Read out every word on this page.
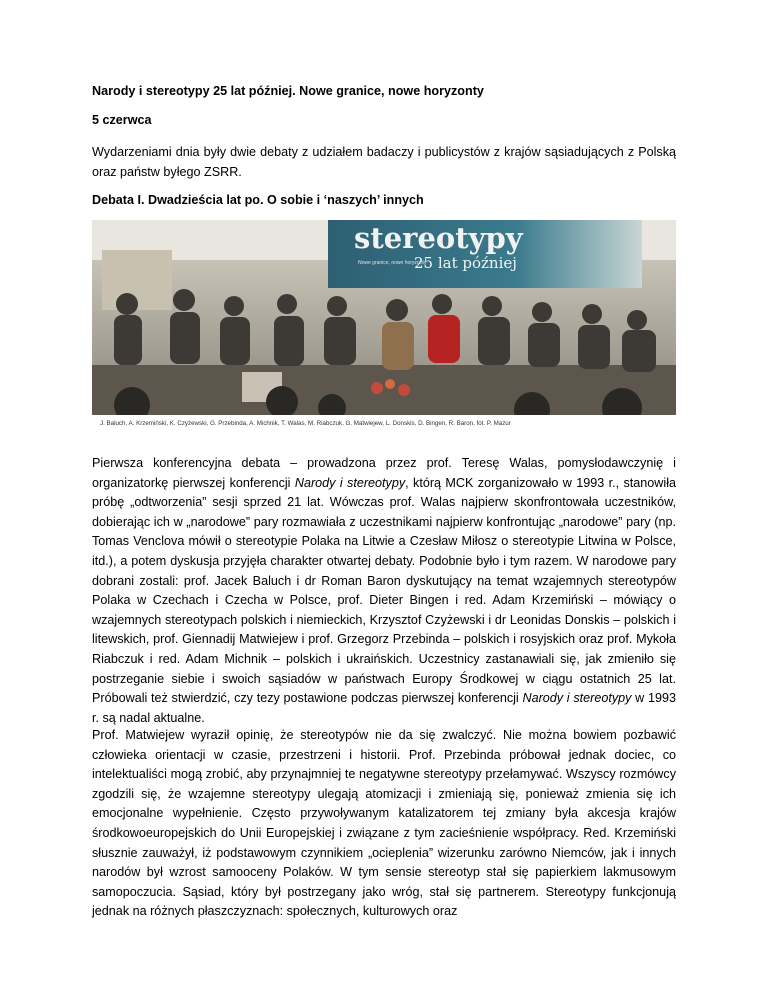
Narody i stereotypy 25 lat później. Nowe granice, nowe horyzonty
5 czerwca
Wydarzeniami dnia były dwie debaty z udziałem badaczy i publicystów z krajów sąsiadujących z Polską oraz państw byłego ZSRR.
Debata I. Dwadzieścia lat po. O sobie i ‘naszych’ innych
stereotypy
25 lat później
Nowe granice, nowe horyzonty
J. Baluch, A. Krzemiński, K. Czyżewski, G. Przebinda, A. Michnik, T. Walas, M. Riabczuk, G. Matwiejew, L. Donskis, D. Bingen, R. Baron, fot. P. Mazur

Pierwsza konferencyjna debata – prowadzona przez prof. Teresę Walas, pomysłodawczynię i organizatorkę pierwszej konferencji Narody i stereotypy, którą MCK zorganizowało w 1993 r., stanowiła próbę „odtworzenia” sesji sprzed 21 lat. Wówczas prof. Walas najpierw skonfrontowała uczestników, dobierając ich w „narodowe” pary rozmawiała z uczestnikami najpierw konfrontując „narodowe” pary (np. Tomas Venclova mówił o stereotypie Polaka na Litwie a Czesław Miłosz o stereotypie Litwina w Polsce, itd.), a potem dyskusja przyjęła charakter otwartej debaty. Podobnie było i tym razem. W narodowe pary dobrani zostali: prof. Jacek Baluch i dr Roman Baron dyskutujący na temat wzajemnych stereotypów Polaka w Czechach i Czecha w Polsce, prof. Dieter Bingen i red. Adam Krzemiński – mówiący o wzajemnych stereotypach polskich i niemieckich, Krzysztof Czyżewski i dr Leonidas Donskis – polskich i litewskich, prof. Giennadij Matwiejew i prof. Grzegorz Przebinda – polskich i rosyjskich oraz prof. Mykoła Riabczuk i red. Adam Michnik – polskich i ukraińskich. Uczestnicy zastanawiali się, jak zmieniło się postrzeganie siebie i swoich sąsiadów w państwach Europy Środkowej w ciągu ostatnich 25 lat. Próbowali też stwierdzić, czy tezy postawione podczas pierwszej konferencji Narody i stereotypy w 1993 r. są nadal aktualne.

Prof. Matwiejew wyraził opinię, że stereotypów nie da się zwalczyć. Nie można bowiem pozbawić człowieka orientacji w czasie, przestrzeni i historii. Prof. Przebinda próbował jednak dociec, co intelektualiści mogą zrobić, aby przynajmniej te negatywne stereotypy przełamywać. Wszyscy rozmówcy zgodzili się, że wzajemne stereotypy ulegają atomizacji i zmieniają się, ponieważ zmienia się ich emocjonalne wypełnienie. Często przywoływanym katalizatorem tej zmiany była akcesja krajów środkowoeuropejskich do Unii Europejskiej i związane z tym zacieśnienie współpracy. Red. Krzemiński słusznie zauważył, iż podstawowym czynnikiem „ocieplenia” wizerunku zarówno Niemców, jak i innych narodów był wzrost samooceny Polaków. W tym sensie stereotyp stał się papierkiem lakmusowym samopoczucia. Sąsiad, który był postrzegany jako wróg, stał się partnerem. Stereotypy funkcjonują jednak na różnych płaszczyznach: społecznych, kulturowych oraz
